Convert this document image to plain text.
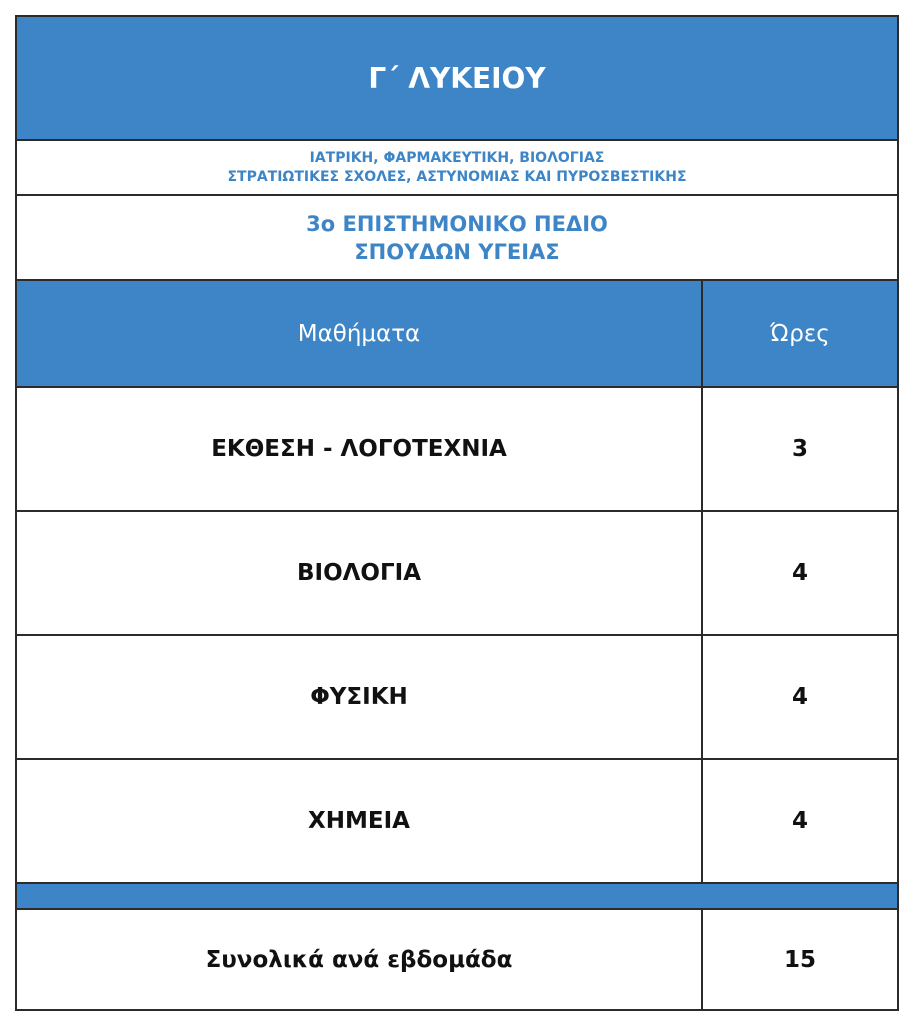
Γ΄ ΛΥΚΕΙΟΥ
ΙΑΤΡΙΚΗ, ΦΑΡΜΑΚΕΥΤΙΚΗ, ΒΙΟΛΟΓΙΑΣ
ΣΤΡΑΤΙΩΤΙΚΕΣ ΣΧΟΛΕΣ, ΑΣΤΥΝΟΜΙΑΣ ΚΑΙ ΠΥΡΟΣΒΕΣΤΙΚΗΣ
3ο ΕΠΙΣΤΗΜΟΝΙΚΟ ΠΕΔΙΟ
ΣΠΟΥΔΩΝ ΥΓΕΙΑΣ
Μαθήματα	Ώρες
ΕΚΘΕΣΗ - ΛΟΓΟΤΕΧΝΙΑ	3
ΒΙΟΛΟΓΙΑ	4
ΦΥΣΙΚΗ	4
ΧΗΜΕΙΑ	4
Συνολικά ανά εβδομάδα	15
